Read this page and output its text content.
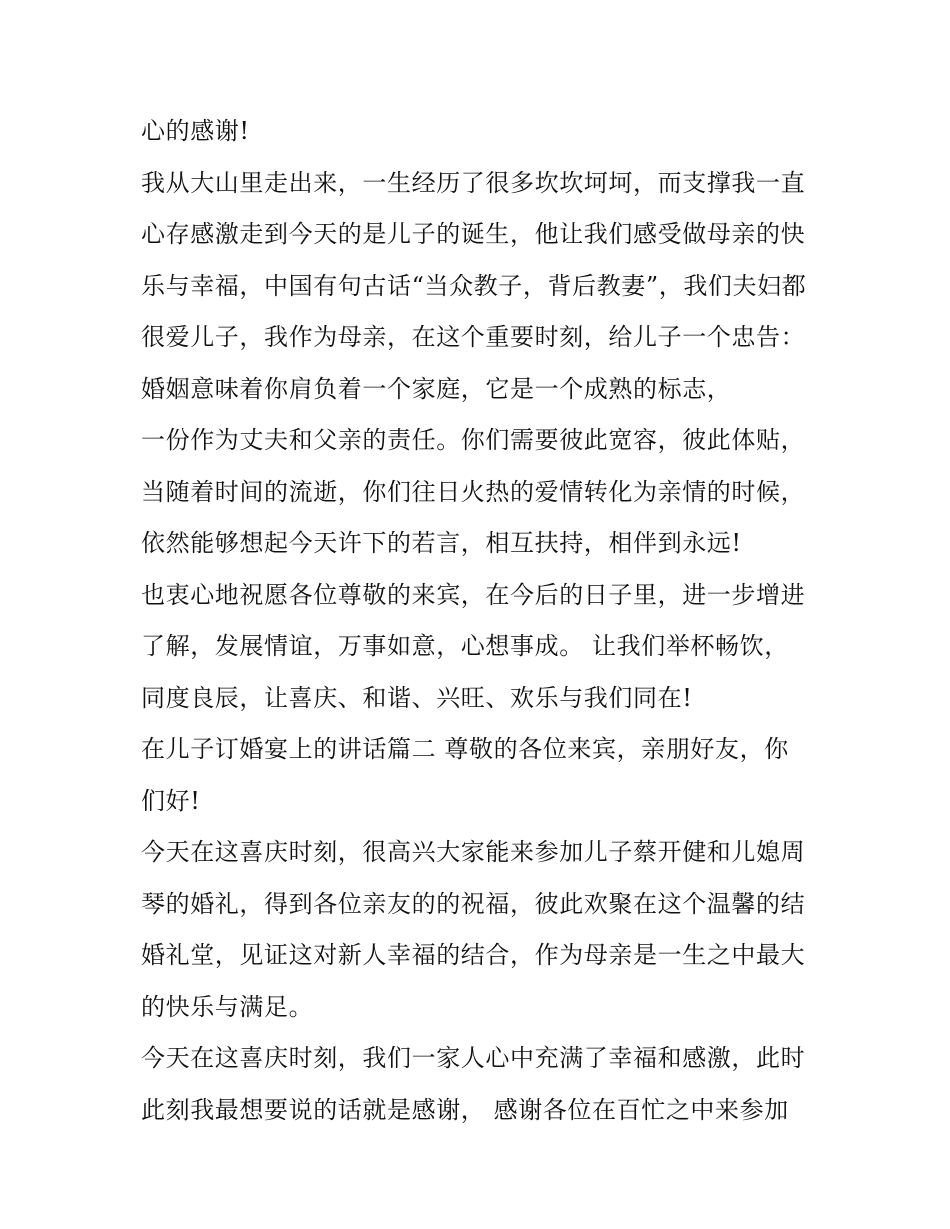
心的感谢!
我从大山里走出来，一生经历了很多坎坎坷坷，而支撑我一直
心存感激走到今天的是儿子的诞生，他让我们感受做母亲的快
乐与幸福，中国有句古话“当众教子，背后教妻”，我们夫妇都
很爱儿子，我作为母亲，在这个重要时刻，给儿子一个忠告：
婚姻意味着你肩负着一个家庭，它是一个成熟的标志，
一份作为丈夫和父亲的责任。你们需要彼此宽容，彼此体贴，
当随着时间的流逝，你们往日火热的爱情转化为亲情的时候，
依然能够想起今天许下的若言，相互扶持，相伴到永远!
也衷心地祝愿各位尊敬的来宾，在今后的日子里，进一步增进
了解，发展情谊，万事如意，心想事成。 让我们举杯畅饮，
同度良辰，让喜庆、和谐、兴旺、欢乐与我们同在!
在儿子订婚宴上的讲话篇二 尊敬的各位来宾，亲朋好友，你
们好!
今天在这喜庆时刻，很高兴大家能来参加儿子蔡开健和儿媳周
琴的婚礼，得到各位亲友的的祝福，彼此欢聚在这个温馨的结
婚礼堂，见证这对新人幸福的结合，作为母亲是一生之中最大
的快乐与满足。
今天在这喜庆时刻，我们一家人心中充满了幸福和感激，此时
此刻我最想要说的话就是感谢， 感谢各位在百忙之中来参加
